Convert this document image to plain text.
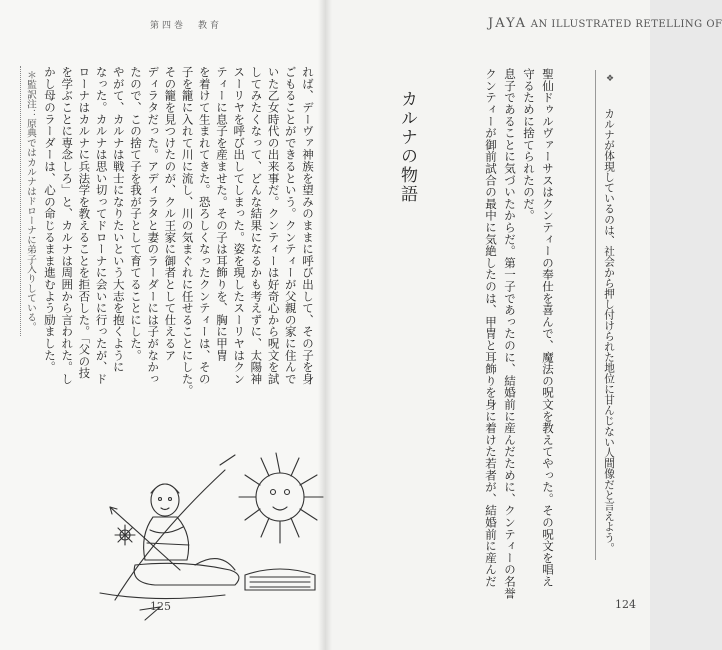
第四巻　教育
＊監訳注：原典ではカルナはドローナに弟子入りしている。	れば、デーヴァ神族を望みのままに呼び出して、その子を身
ごもることができるという。クンティーが父親の家に住んで
いた乙女時代の出来事だ。クンティーは好奇心から呪文を試
してみたくなって、どんな結果になるかも考えずに、太陽神
スーリヤを呼び出してしまった。姿を現したスーリヤはクン
ティーに息子を産ませた。その子は耳飾りを、胸に甲冑
を着けて生まれてきた。恐ろしくなったクンティーは、その
子を籠に入れて川に流し、川の気まぐれに任せることにした。
その籠を見つけたのが、クル王家に御者として仕えるア
ディラタだった。アディラタと妻のラーダーには子がなかっ
たので、この捨て子を我が子として育てることにした。
やがて、カルナは戦士になりたいという大志を抱くように
なった。カルナは思い切ってドローナに会いに行ったが、ド
ローナはカルナに兵法学を教えることを拒否した。「父の技
を学ぶことに専念しろ」と、カルナは周囲から言われた。し
かし母のラーダーは、心の命じるまま進むよう励ました。
125	124
JAYA AN ILLUSTRATED RETELLING OF
カルナの物語	聖仙ドゥルヴァーサスはクンティーの奉仕を喜んで、魔法の呪文を教えてやった。その呪文を唱え
守るために捨てられたのだ。
息子であることに気づいたからだ。第一子であったのに、結婚前に産んだために、クンティーの名誉
クンティーが御前試合の最中に気絶したのは、甲冑と耳飾りを身に着けた若者が、結婚前に産んだ	❖
カルナが体現しているのは、社会から押し付けられた地位に甘んじない人間像だと言えよう。
